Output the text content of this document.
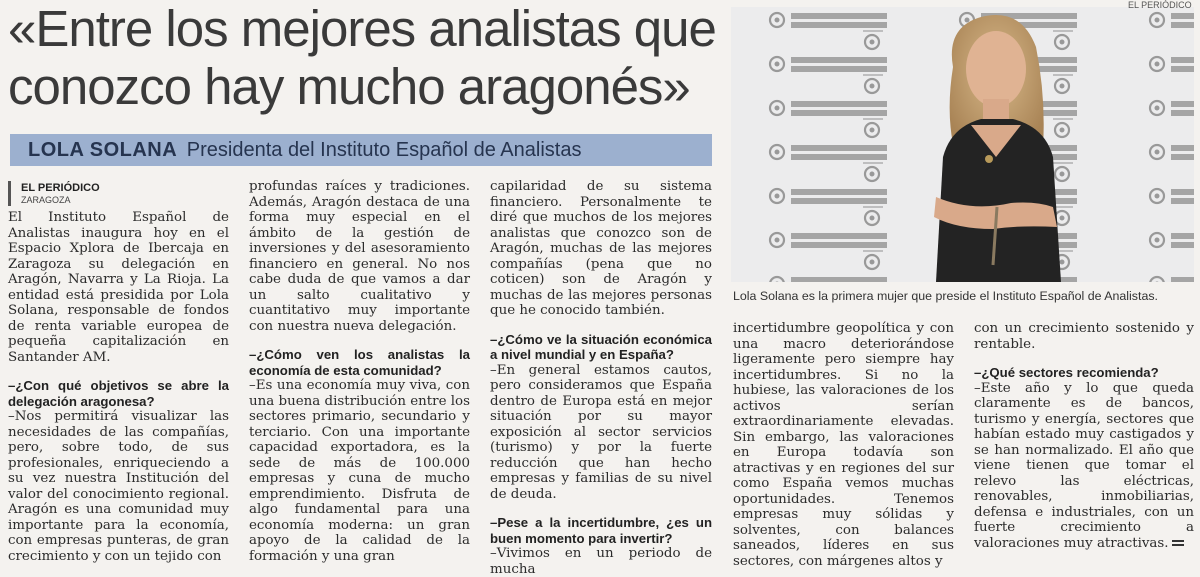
«Entre los mejores analistas que
conozco hay mucho aragonés»
LOLA SOLANA Presidenta del Instituto Español de Analistas
EL PERIÓDICO
ZARAGOZA

El Instituto Español de Analistas inaugura hoy en el Espacio Xplora de Ibercaja en Zaragoza su delegación en Aragón, Navarra y La Rioja. La entidad está presidida por Lola Solana, responsable de fondos de renta variable europea de pequeña capitalización en Santander AM.

–¿Con qué objetivos se abre la delegación aragonesa?

–Nos permitirá visualizar las necesidades de las compañías, pero, sobre todo, de sus profesionales, enriqueciendo a su vez nuestra Institución del valor del conocimiento regional. Aragón es una comunidad muy importante para la economía, con empresas punteras, de gran crecimiento y con un tejido con

profundas raíces y tradiciones. Además, Aragón destaca de una forma muy especial en el ámbito de la gestión de inversiones y del asesoramiento financiero en general. No nos cabe duda de que vamos a dar un salto cualitativo y cuantitativo muy importante con nuestra nueva delegación.

–¿Cómo ven los analistas la economía de esta comunidad?

–Es una economía muy viva, con una buena distribución entre los sectores primario, secundario y terciario. Con una importante capacidad exportadora, es la sede de más de 100.000 empresas y cuna de mucho emprendimiento. Disfruta de algo fundamental para una economía moderna: un gran apoyo de la calidad de la formación y una gran

capilaridad de su sistema financiero. Personalmente te diré que muchos de los mejores analistas que conozco son de Aragón, muchas de las mejores compañías (pena que no coticen) son de Aragón y muchas de las mejores personas que he conocido también.

–¿Cómo ve la situación económica a nivel mundial y en España?

–En general estamos cautos, pero consideramos que España dentro de Europa está en mejor situación por su mayor exposición al sector servicios (turismo) y por la fuerte reducción que han hecho empresas y familias de su nivel de deuda.

–Pese a la incertidumbre, ¿es un buen momento para invertir?

–Vivimos en un periodo de mucha

incertidumbre geopolítica y con una macro deteriorándose ligeramente pero siempre hay incertidumbres. Si no la hubiese, las valoraciones de los activos serían extraordinariamente elevadas. Sin embargo, las valoraciones en Europa todavía son atractivas y en regiones del sur como España vemos muchas oportunidades. Tenemos empresas muy sólidas y solventes, con balances saneados, líderes en sus sectores, con márgenes altos y

con un crecimiento sostenido y rentable.

–¿Qué sectores recomienda?

–Este año y lo que queda claramente es de bancos, turismo y energía, sectores que habían estado muy castigados y se han normalizado. El año que viene tienen que tomar el relevo las eléctricas, renovables, inmobiliarias, defensa e industriales, con un fuerte crecimiento a valoraciones muy atractivas.

EL PERIÓDICO
Lola Solana es la primera mujer que preside el Instituto Español de Analistas.
